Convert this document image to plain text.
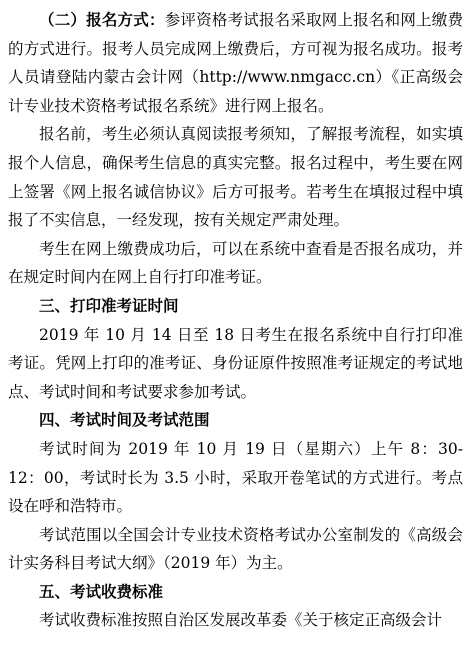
（二）报名方式：参评资格考试报名采取网上报名和网上缴费的方式进行。报考人员完成网上缴费后，方可视为报名成功。报考人员请登陆内蒙古会计网（http://www.nmgacc.cn）《正高级会计专业技术资格考试报名系统》进行网上报名。

报名前，考生必须认真阅读报考须知，了解报考流程，如实填报个人信息，确保考生信息的真实完整。报名过程中，考生要在网上签署《网上报名诚信协议》后方可报考。若考生在填报过程中填报了不实信息，一经发现，按有关规定严肃处理。

考生在网上缴费成功后，可以在系统中查看是否报名成功，并在规定时间内在网上自行打印准考证。

三、打印准考证时间

2019 年 10 月 14 日至 18 日考生在报名系统中自行打印准考证。凭网上打印的准考证、身份证原件按照准考证规定的考试地点、考试时间和考试要求参加考试。

四、考试时间及考试范围

考试时间为 2019 年 10 月 19 日（星期六）上午 8：30-12：00，考试时长为 3.5 小时，采取开卷笔试的方式进行。考点设在呼和浩特市。

考试范围以全国会计专业技术资格考试办公室制发的《高级会计实务科目考试大纲》（2019 年）为主。

五、考试收费标准

考试收费标准按照自治区发展改革委《关于核定正高级会计
